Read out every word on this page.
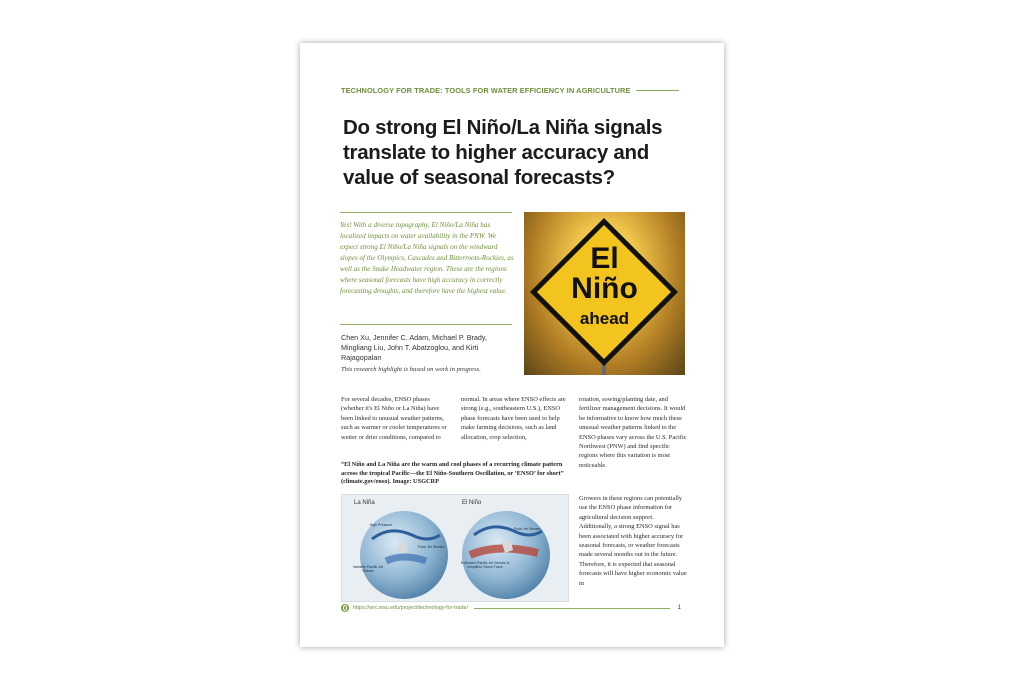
TECHNOLOGY FOR TRADE: TOOLS FOR WATER EFFICIENCY IN AGRICULTURE
Do strong El Niño/La Niña signals translate to higher accuracy and value of seasonal forecasts?
Yes! With a diverse topography, El Niño/La Niña has localized impacts on water availability in the PNW. We expect strong El Niño/La Niña signals on the windward slopes of the Olympics, Cascades and Bitterroots-Rockies, as well as the Snake Headwater region. These are the regions where seasonal forecasts have high accuracy in correctly forecasting droughts, and therefore have the highest value.
Chen Xu, Jennifer C. Adam, Michael P. Brady, Mingliang Liu, John T. Abatzoglou, and Kirti Rajagopalan
This research highlight is based on work in progress.
El
Niño
ahead
For several decades, ENSO phases (whether it's El Niño or La Niña) have been linked to unusual weather patterns, such as warmer or cooler temperatures or wetter or drier conditions, compared to
normal. In areas where ENSO effects are strong (e.g., southeastern U.S.), ENSO phase forecasts have been used to help make farming decisions, such as land allocation, crop selection,
rotation, sowing/planting date, and fertilizer management decisions. It would be informative to know how much these unusual weather patterns linked to the ENSO phases vary across the U.S. Pacific Northwest (PNW) and find specific regions where this variation is most noticeable.
Growers in these regions can potentially use the ENSO phase information for agricultural decision support. Additionally, a strong ENSO signal has been associated with higher accuracy for seasonal forecasts, or weather forecasts made several months out in the future. Therefore, it is expected that seasonal forecasts will have higher economic value in
“El Niño and La Niña are the warm and cool phases of a recurring climate pattern across the tropical Pacific—the El Niño-Southern Oscillation, or ‘ENSO’ for short” (climate.gov/enso). Image: USGCRP
La Niña	El Niño
High Pressure
Polar Jet Stream
Variable Pacific Jet Stream
Polar Jet Stream
Extended Pacific Jet Stream & Amplified Storm Track
https://wrc.wsu.edu/project/technology-for-trade/	1
